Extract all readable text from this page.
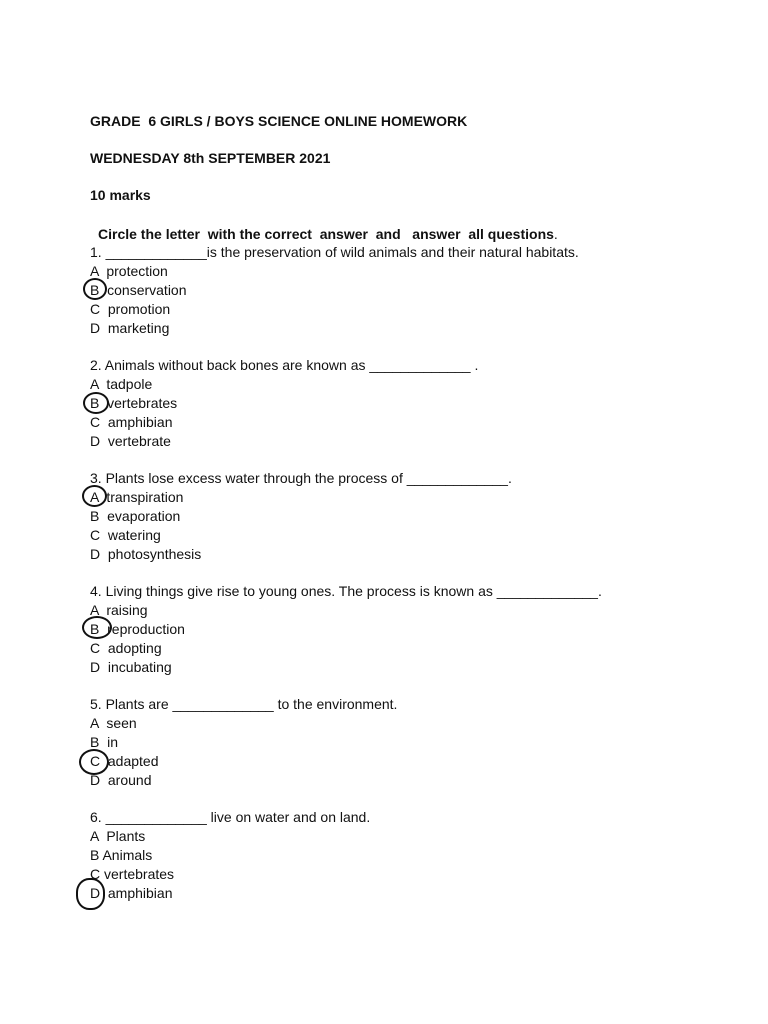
GRADE  6 GIRLS / BOYS SCIENCE ONLINE HOMEWORK
WEDNESDAY 8th SEPTEMBER 2021
10 marks
Circle the letter  with the correct  answer  and   answer  all questions.
1. _____________is the preservation of wild animals and their natural habitats.
A  protection
B  conservation
C  promotion
D  marketing
2. Animals without back bones are known as _____________ .
A  tadpole
B  vertebrates
C  amphibian
D  vertebrate
3. Plants lose excess water through the process of _____________.
A  transpiration
B  evaporation
C  watering
D  photosynthesis
4. Living things give rise to young ones. The process is known as _____________.
A  raising
B  reproduction
C  adopting
D  incubating
5. Plants are _____________ to the environment.
A  seen
B  in
C  adapted
D  around
6. _____________ live on water and on land.
A  Plants
B Animals
C vertebrates
D  amphibian
